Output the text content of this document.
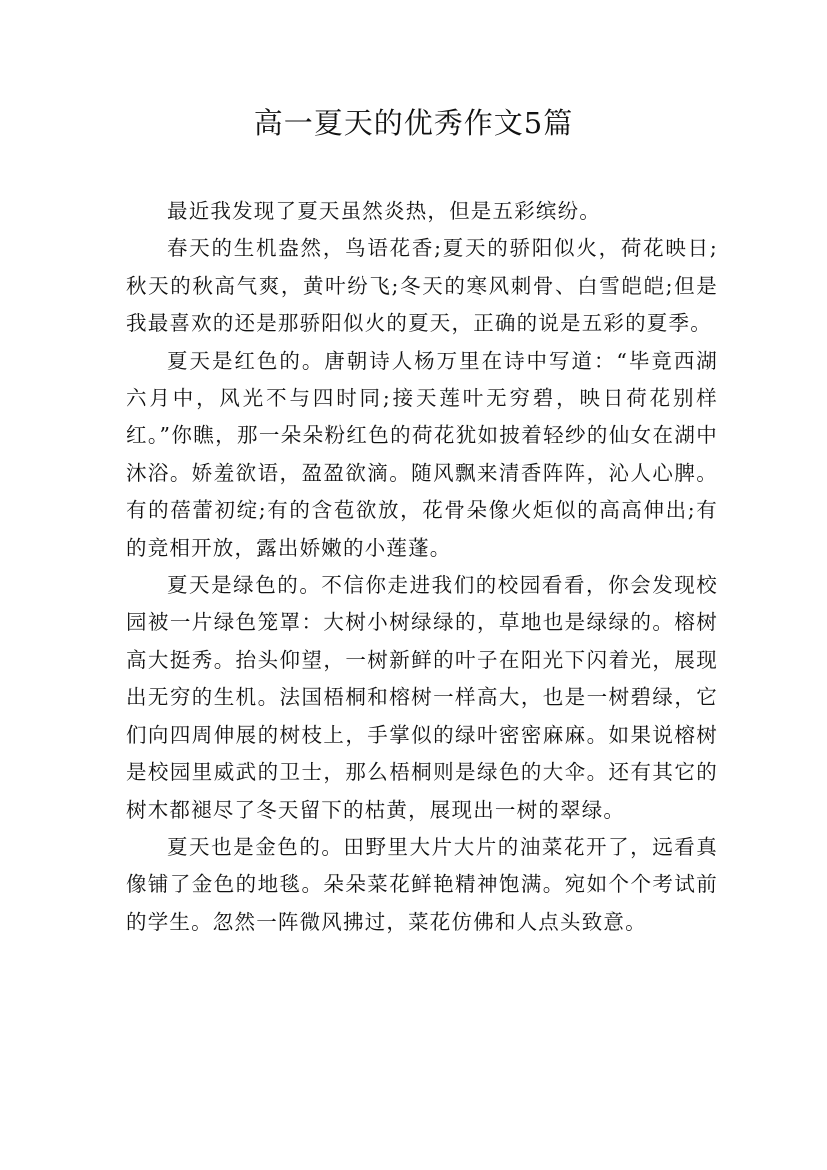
高一夏天的优秀作文5篇

最近我发现了夏天虽然炎热，但是五彩缤纷。

春天的生机盎然，鸟语花香;夏天的骄阳似火，荷花映日;秋天的秋高气爽，黄叶纷飞;冬天的寒风刺骨、白雪皑皑;但是我最喜欢的还是那骄阳似火的夏天，正确的说是五彩的夏季。

夏天是红色的。唐朝诗人杨万里在诗中写道：“毕竟西湖六月中，风光不与四时同;接天莲叶无穷碧，映日荷花别样红。”你瞧，那一朵朵粉红色的荷花犹如披着轻纱的仙女在湖中沐浴。娇羞欲语，盈盈欲滴。随风飘来清香阵阵，沁人心脾。有的蓓蕾初绽;有的含苞欲放，花骨朵像火炬似的高高伸出;有的竞相开放，露出娇嫩的小莲蓬。

夏天是绿色的。不信你走进我们的校园看看，你会发现校园被一片绿色笼罩：大树小树绿绿的，草地也是绿绿的。榕树高大挺秀。抬头仰望，一树新鲜的叶子在阳光下闪着光，展现出无穷的生机。法国梧桐和榕树一样高大，也是一树碧绿，它们向四周伸展的树枝上，手掌似的绿叶密密麻麻。如果说榕树是校园里威武的卫士，那么梧桐则是绿色的大伞。还有其它的树木都褪尽了冬天留下的枯黄，展现出一树的翠绿。

夏天也是金色的。田野里大片大片的油菜花开了，远看真像铺了金色的地毯。朵朵菜花鲜艳精神饱满。宛如个个考试前的学生。忽然一阵微风拂过，菜花仿佛和人点头致意。
